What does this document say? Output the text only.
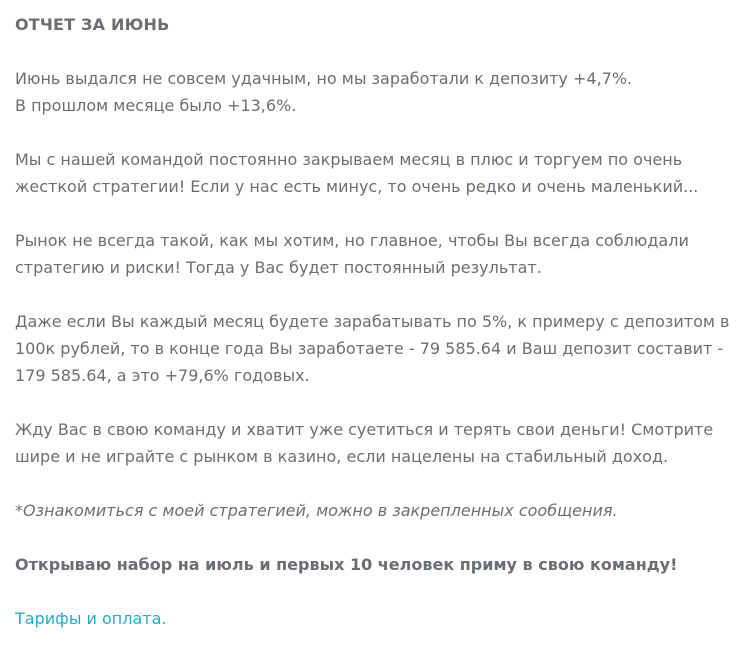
ОТЧЕТ ЗА ИЮНЬ

Июнь выдался не совсем удачным, но мы заработали к депозиту +4,7%.
В прошлом месяце было +13,6%.

Мы с нашей командой постоянно закрываем месяц в плюс и торгуем по очень
жесткой стратегии! Если у нас есть минус, то очень редко и очень маленький...

Рынок не всегда такой, как мы хотим, но главное, чтобы Вы всегда соблюдали
стратегию и риски! Тогда у Вас будет постоянный результат.

Даже если Вы каждый месяц будете зарабатывать по 5%, к примеру с депозитом в
100к рублей, то в конце года Вы заработаете - 79 585.64 и Ваш депозит составит -
179 585.64, а это +79,6% годовых.

Жду Вас в свою команду и хватит уже суетиться и терять свои деньги! Смотрите
шире и не играйте с рынком в казино, если нацелены на стабильный доход.

*Ознакомиться с моей стратегией, можно в закрепленных сообщения.

Открываю набор на июль и первых 10 человек приму в свою команду!

Тарифы и оплата.
